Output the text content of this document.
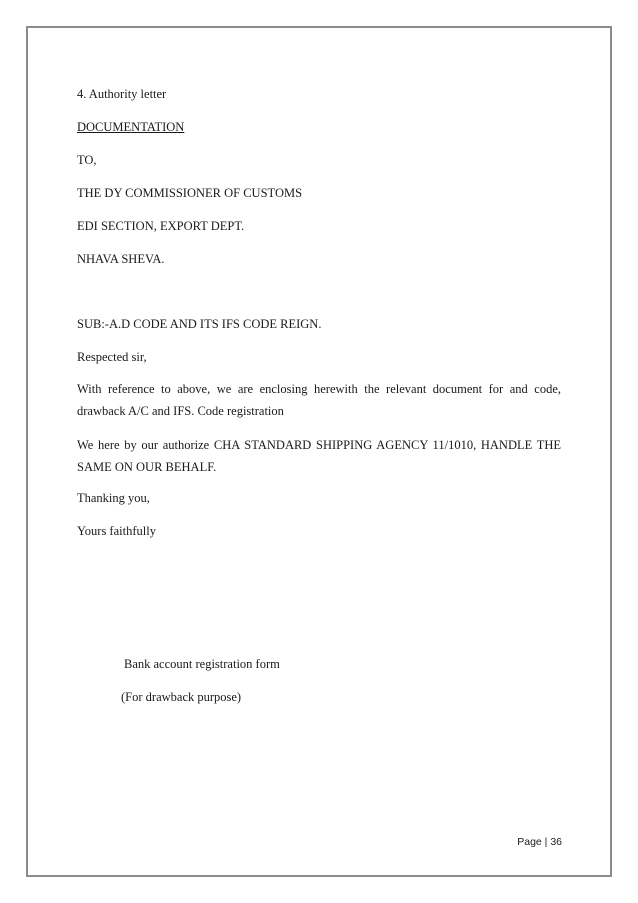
4. Authority letter

DOCUMENTATION

TO,

THE DY COMMISSIONER OF CUSTOMS

EDI SECTION, EXPORT DEPT.

NHAVA SHEVA.

SUB:-A.D CODE AND ITS IFS CODE REIGN.

Respected sir,

With reference to above, we are enclosing herewith the relevant document for and code, drawback A/C and IFS. Code registration

We here by our authorize CHA STANDARD SHIPPING AGENCY 11/1010, HANDLE THE SAME ON OUR BEHALF.

Thanking you,

Yours faithfully

Bank account registration form

(For drawback purpose)

Page | 36
